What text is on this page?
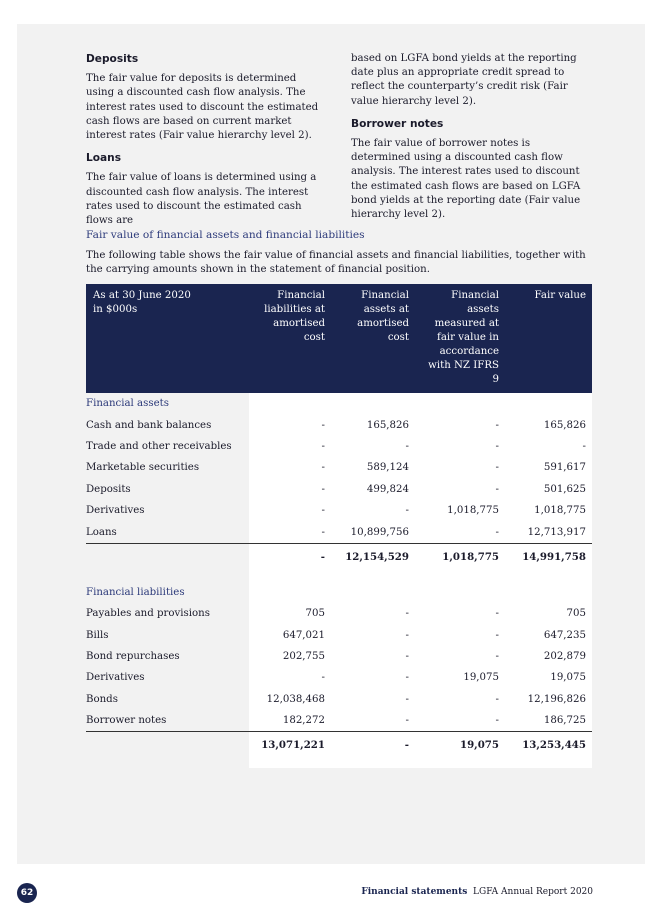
Deposits

The fair value for deposits is determined using a discounted cash flow analysis. The interest rates used to discount the estimated cash flows are based on current market interest rates (Fair value hierarchy level 2).

Loans

The fair value of loans is determined using a discounted cash flow analysis. The interest rates used to discount the estimated cash flows are

based on LGFA bond yields at the reporting date plus an appropriate credit spread to reflect the counterparty’s credit risk (Fair value hierarchy level 2).

Borrower notes

The fair value of borrower notes is determined using a discounted cash flow analysis. The interest rates used to discount the estimated cash flows are based on LGFA bond yields at the reporting date (Fair value hierarchy level 2).

Fair value of financial assets and financial liabilities
The following table shows the fair value of financial assets and financial liabilities, together with the carrying amounts shown in the statement of financial position.
As at 30 June 2020
in $000s	Financial liabilities at amortised cost	Financial assets at amortised cost	Financial assets measured at fair value in accordance with NZ IFRS 9	Fair value
Financial assets				
Cash and bank balances	-	165,826	-	165,826
Trade and other receivables	-	-	-	-
Marketable securities	-	589,124	-	591,617
Deposits	-	499,824	-	501,625
Derivatives	-	-	1,018,775	1,018,775
Loans	-	10,899,756	-	12,713,917
	-	12,154,529	1,018,775	14,991,758

Financial liabilities				
Payables and provisions	705	-	-	705
Bills	647,021	-	-	647,235
Bond repurchases	202,755	-	-	202,879
Derivatives	-	-	19,075	19,075
Bonds	12,038,468	-	-	12,196,826
Borrower notes	182,272	-	-	186,725
	13,071,221	-	19,075	13,253,445

62	Financial statements LGFA Annual Report 2020
